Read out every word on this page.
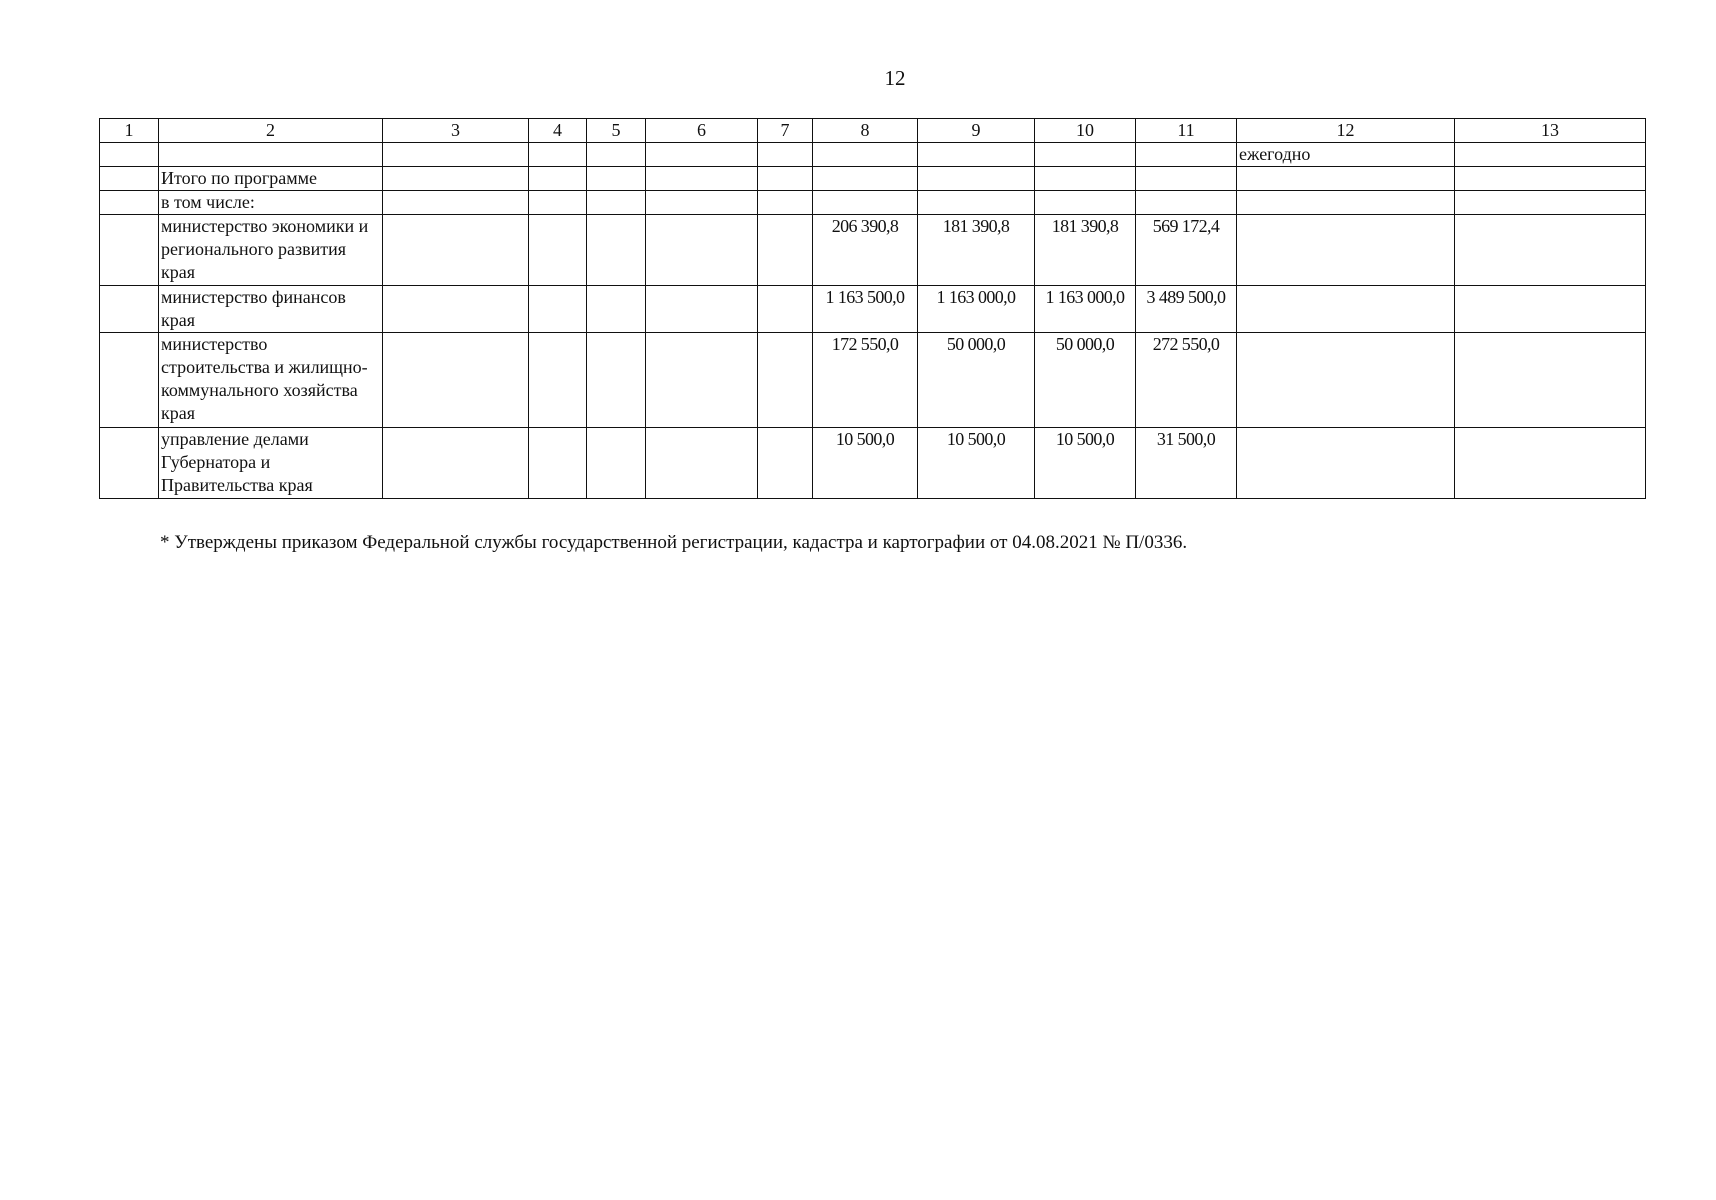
12
1	2	3	4	5	6	7	8	9	10	11	12	13
											ежегодно	
	Итого по программе											
	в том числе:											
	министерство экономики и регионального развития края						206 390,8	181 390,8	181 390,8	569 172,4		
	министерство финансов края						1 163 500,0	1 163 000,0	1 163 000,0	3 489 500,0		
	министерство строительства и жилищно-коммунального хозяйства края						172 550,0	50 000,0	50 000,0	272 550,0		
	управление делами Губернатора и Правительства края						10 500,0	10 500,0	10 500,0	31 500,0		
* Утверждены приказом Федеральной службы государственной регистрации, кадастра и картографии от 04.08.2021 № П/0336.
